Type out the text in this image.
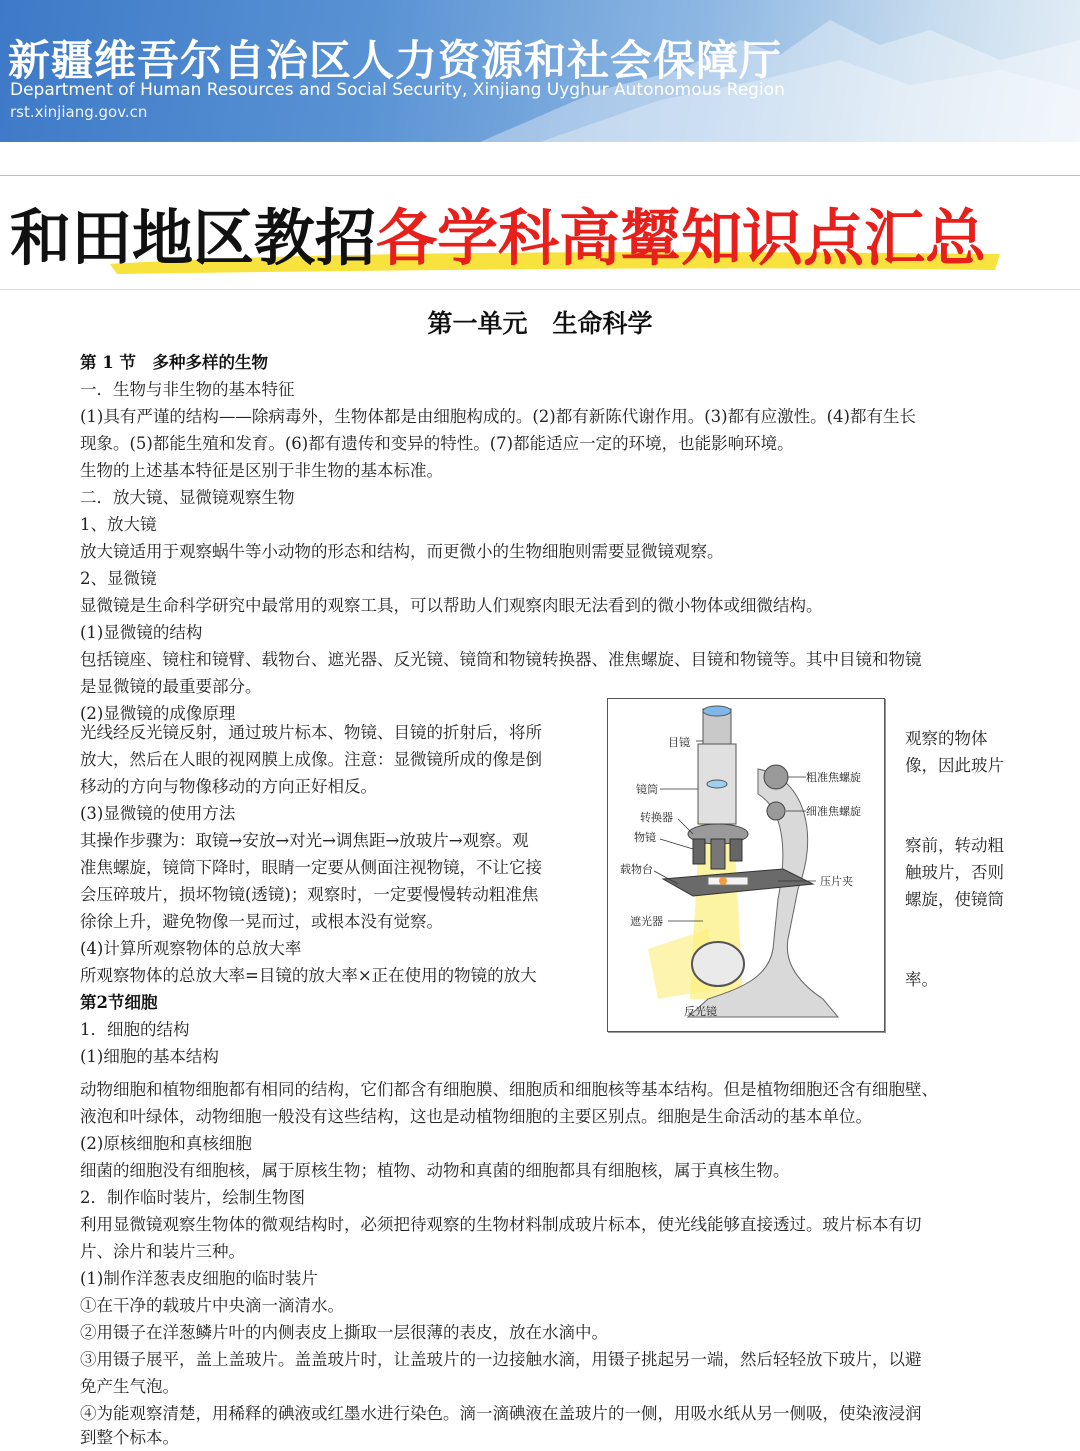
新疆维吾尔自治区人力资源和社会保障厅
Department of Human Resources and Social Security, Xinjiang Uyghur Autonomous Region
rst.xinjiang.gov.cn
和田地区教招各学科高颦知识点汇总
第一单元　生命科学
第 1 节　多种多样的生物
一．生物与非生物的基本特征
(1)具有严谨的结构——除病毒外，生物体都是由细胞构成的。(2)都有新陈代谢作用。(3)都有应激性。(4)都有生长
现象。(5)都能生殖和发育。(6)都有遗传和变异的特性。(7)都能适应一定的环境，也能影响环境。
生物的上述基本特征是区别于非生物的基本标准。
二．放大镜、显微镜观察生物
1、放大镜
放大镜适用于观察蜗牛等小动物的形态和结构，而更微小的生物细胞则需要显微镜观察。
2、显微镜
显微镜是生命科学研究中最常用的观察工具，可以帮助人们观察肉眼无法看到的微小物体或细微结构。
(1)显微镜的结构
包括镜座、镜柱和镜臂、载物台、遮光器、反光镜、镜筒和物镜转换器、准焦螺旋、目镜和物镜等。其中目镜和物镜
是显微镜的最重要部分。
(2)显微镜的成像原理
光线经反光镜反射，通过玻片标本、物镜、目镜的折射后，将所
放大，然后在人眼的视网膜上成像。注意：显微镜所成的像是倒
移动的方向与物像移动的方向正好相反。
(3)显微镜的使用方法
其操作步骤为：取镜→安放→对光→调焦距→放玻片→观察。观
准焦螺旋，镜筒下降时，眼睛一定要从侧面注视物镜，不让它接
会压碎玻片，损坏物镜(透镜)；观察时，一定要慢慢转动粗准焦
徐徐上升，避免物像一晃而过，或根本没有觉察。
(4)计算所观察物体的总放大率
所观察物体的总放大率=目镜的放大率×正在使用的物镜的放大
第2节细胞
1．细胞的结构
(1)细胞的基本结构
动物细胞和植物细胞都有相同的结构，它们都含有细胞膜、细胞质和细胞核等基本结构。但是植物细胞还含有细胞壁、
液泡和叶绿体，动物细胞一般没有这些结构，这也是动植物细胞的主要区别点。细胞是生命活动的基本单位。
(2)原核细胞和真核细胞
细菌的细胞没有细胞核，属于原核生物；植物、动物和真菌的细胞都具有细胞核，属于真核生物。
2．制作临时装片，绘制生物图
利用显微镜观察生物体的微观结构时，必须把待观察的生物材料制成玻片标本，使光线能够直接透过。玻片标本有切
片、涂片和装片三种。
(1)制作洋葱表皮细胞的临时装片
①在干净的载玻片中央滴一滴清水。
②用镊子在洋葱鳞片叶的内侧表皮上撕取一层很薄的表皮，放在水滴中。
③用镊子展平，盖上盖玻片。盖盖玻片时，让盖玻片的一边接触水滴，用镊子挑起另一端，然后轻轻放下玻片，以避
免产生气泡。
④为能观察清楚，用稀释的碘液或红墨水进行染色。滴一滴碘液在盖玻片的一侧，用吸水纸从另一侧吸，使染液浸润
到整个标本。
目镜
粗准焦螺旋
镜筒
细准焦螺旋
转换器
物镜
载物台
压片夹
遮光器
反光镜
观察的物体
像，因此玻片
察前，转动粗
触玻片，否则
螺旋，使镜筒
率。
